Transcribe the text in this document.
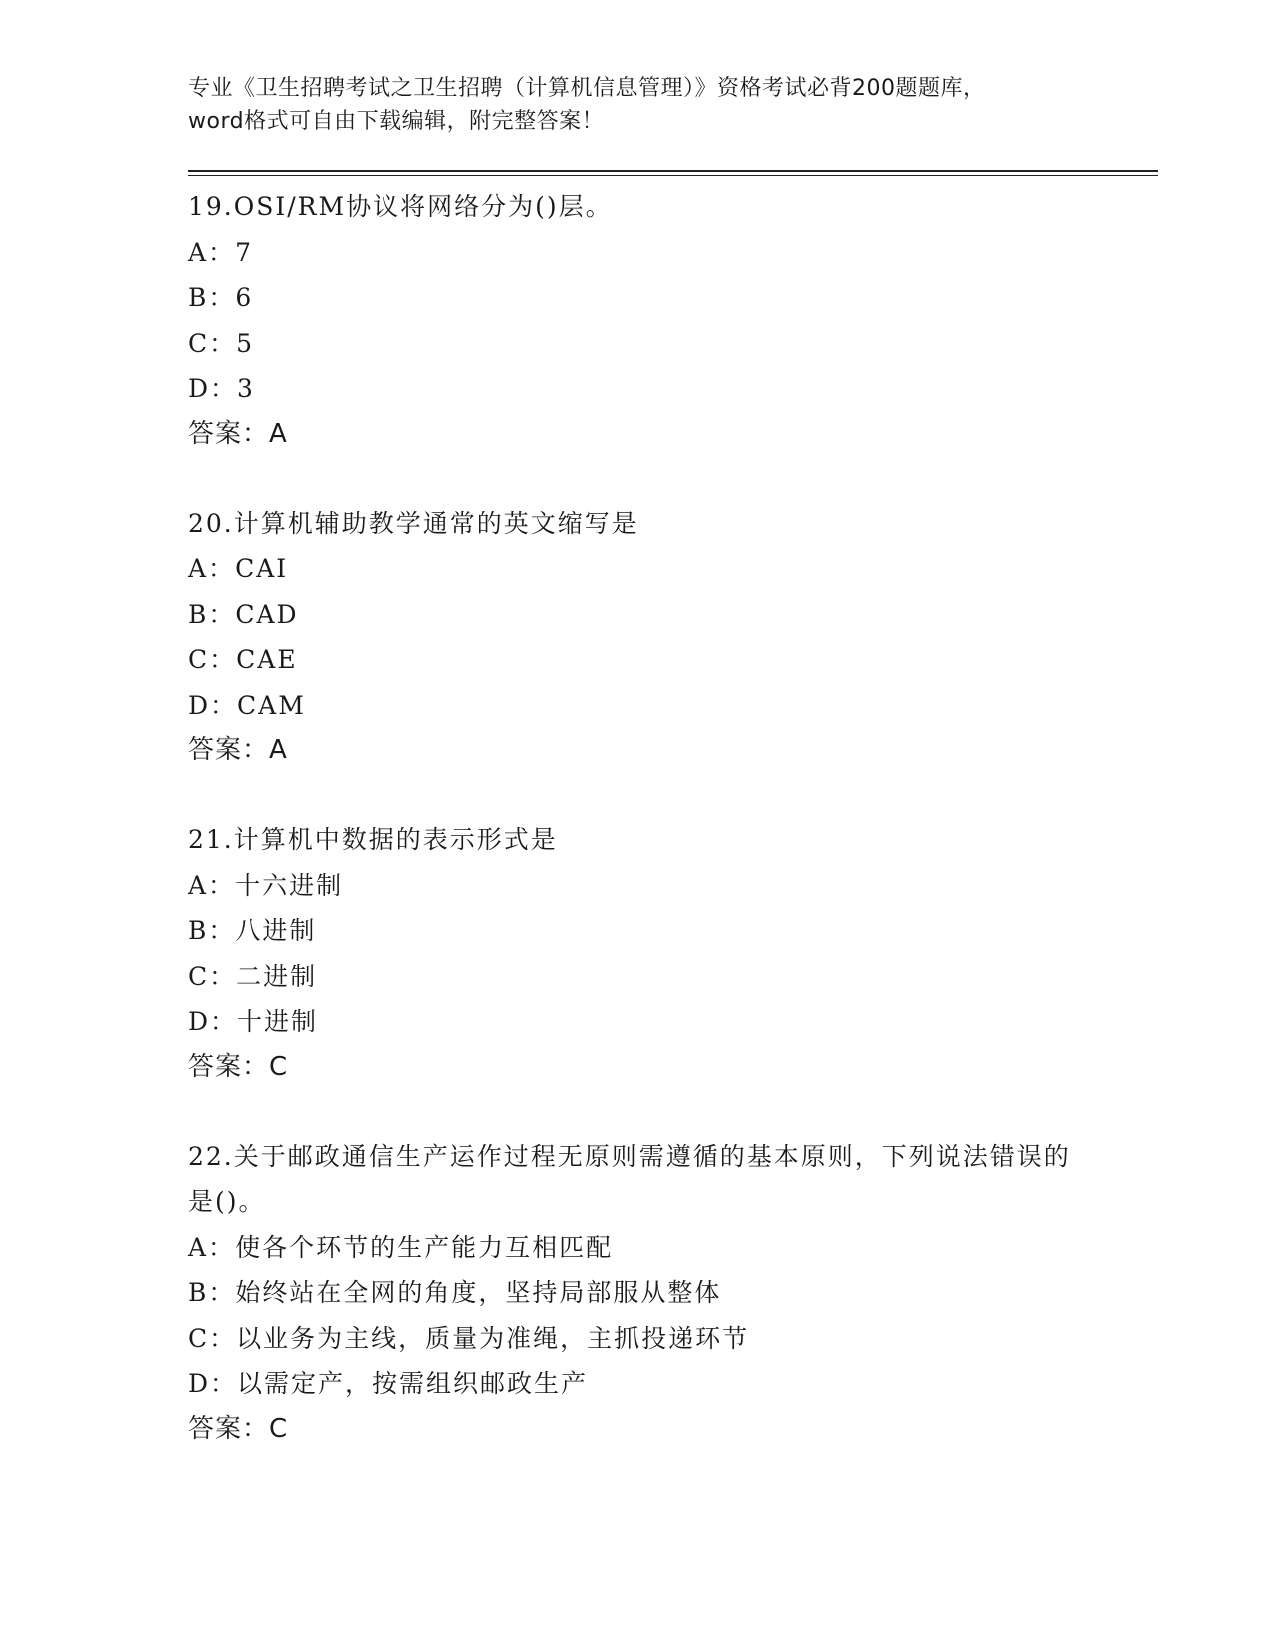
专业《卫生招聘考试之卫生招聘（计算机信息管理）》资格考试必背200题题库，
word格式可自由下载编辑，附完整答案！

19.OSI/RM协议将网络分为()层。

A：7

B：6

C：5

D：3

答案：A

20.计算机辅助教学通常的英文缩写是

A：CAI

B：CAD

C：CAE

D：CAM

答案：A

21.计算机中数据的表示形式是

A：十六进制

B：八进制

C：二进制

D：十进制

答案：C

22.关于邮政通信生产运作过程无原则需遵循的基本原则，下列说法错误的是()。

A：使各个环节的生产能力互相匹配

B：始终站在全网的角度，坚持局部服从整体

C：以业务为主线，质量为准绳，主抓投递环节

D：以需定产，按需组织邮政生产

答案：C
